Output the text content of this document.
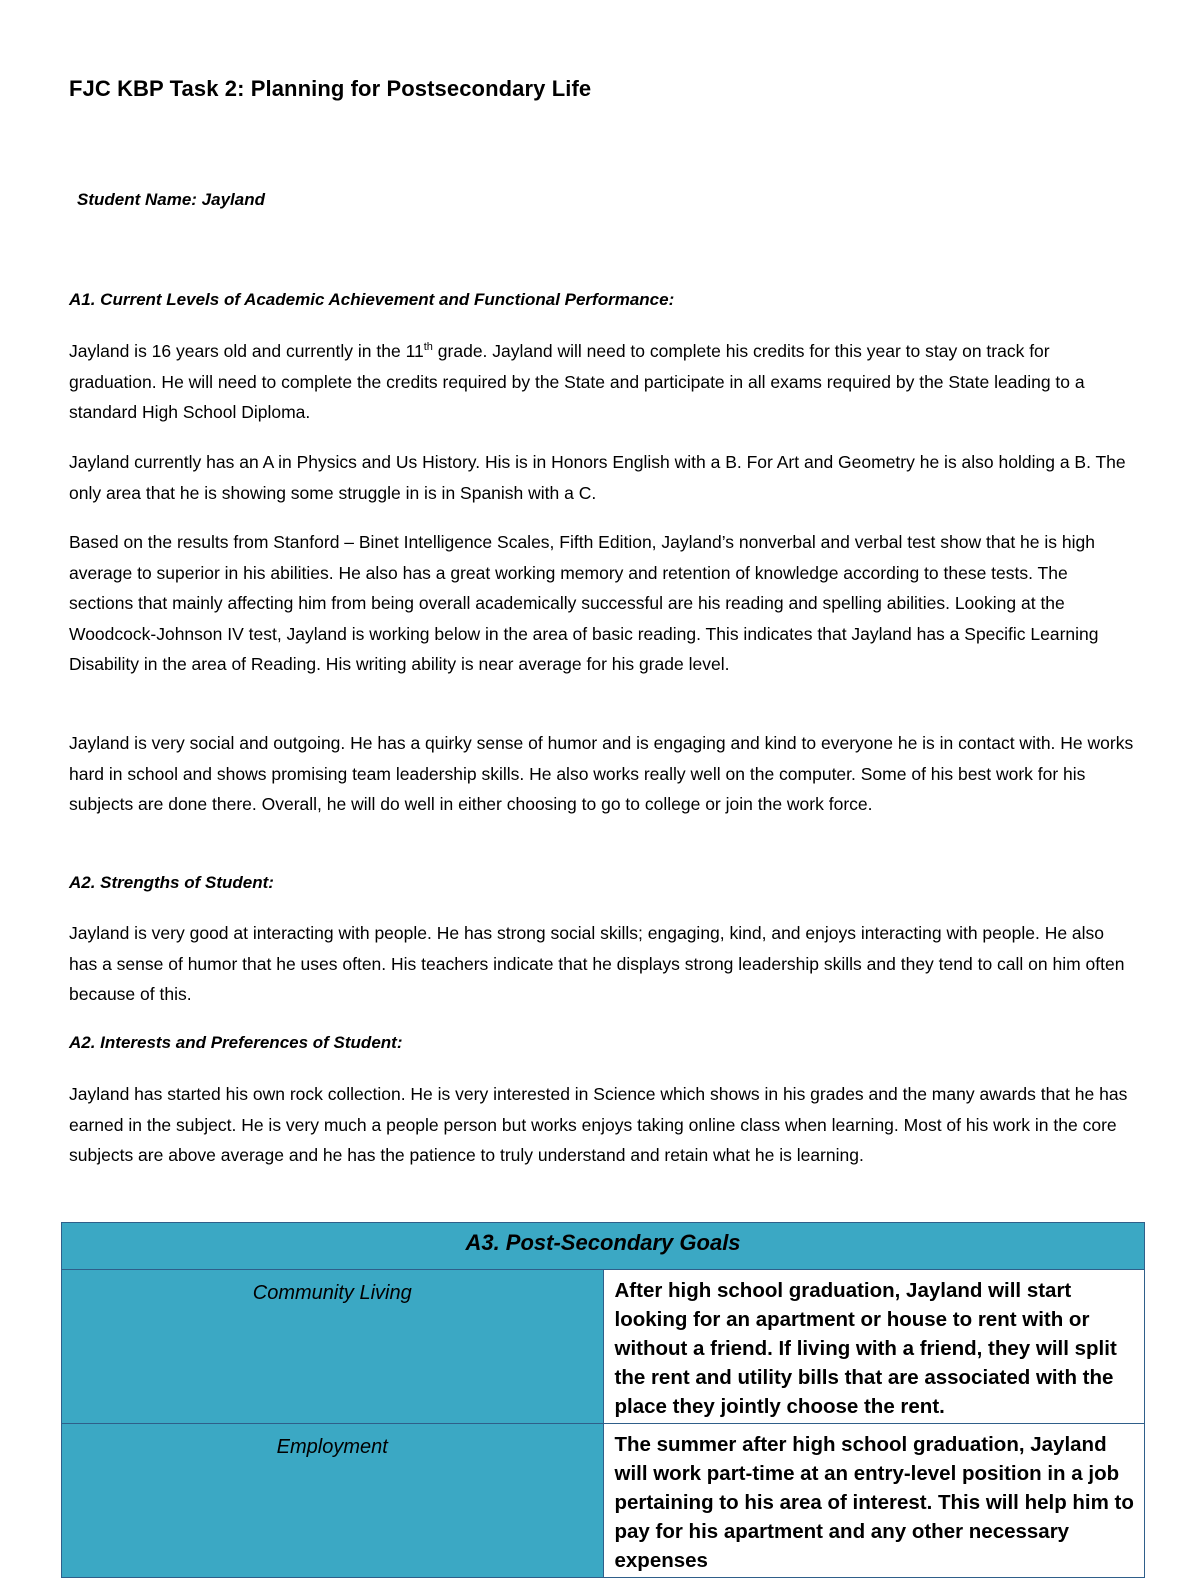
FJC KBP Task 2: Planning for Postsecondary Life
Student Name: Jayland
A1. Current Levels of Academic Achievement and Functional Performance:

Jayland is 16 years old and currently in the 11th grade. Jayland will need to complete his credits for this year to stay on track for graduation. He will need to complete the credits required by the State and participate in all exams required by the State leading to a standard High School Diploma.

Jayland currently has an A in Physics and Us History. His is in Honors English with a B. For Art and Geometry he is also holding a B. The only area that he is showing some struggle in is in Spanish with a C.

Based on the results from Stanford – Binet Intelligence Scales, Fifth Edition, Jayland’s nonverbal and verbal test show that he is high average to superior in his abilities. He also has a great working memory and retention of knowledge according to these tests. The sections that mainly affecting him from being overall academically successful are his reading and spelling abilities. Looking at the Woodcock-Johnson IV test, Jayland is working below in the area of basic reading. This indicates that Jayland has a Specific Learning Disability in the area of Reading. His writing ability is near average for his grade level.

Jayland is very social and outgoing. He has a quirky sense of humor and is engaging and kind to everyone he is in contact with. He works hard in school and shows promising team leadership skills. He also works really well on the computer. Some of his best work for his subjects are done there. Overall, he will do well in either choosing to go to college or join the work force.

A2. Strengths of Student:

Jayland is very good at interacting with people. He has strong social skills; engaging, kind, and enjoys interacting with people. He also has a sense of humor that he uses often. His teachers indicate that he displays strong leadership skills and they tend to call on him often because of this.

A2. Interests and Preferences of Student:

Jayland has started his own rock collection. He is very interested in Science which shows in his grades and the many awards that he has earned in the subject. He is very much a people person but works enjoys taking online class when learning. Most of his work in the core subjects are above average and he has the patience to truly understand and retain what he is learning.

A3. Post-Secondary Goals	
Community Living	After high school graduation, Jayland will start looking for an apartment or house to rent with or without a friend. If living with a friend, they will split the rent and utility bills that are associated with the place they jointly choose the rent.
Employment	The summer after high school graduation, Jayland will work part-time at an entry-level position in a job pertaining to his area of interest. This will help him to pay for his apartment and any other necessary expenses
